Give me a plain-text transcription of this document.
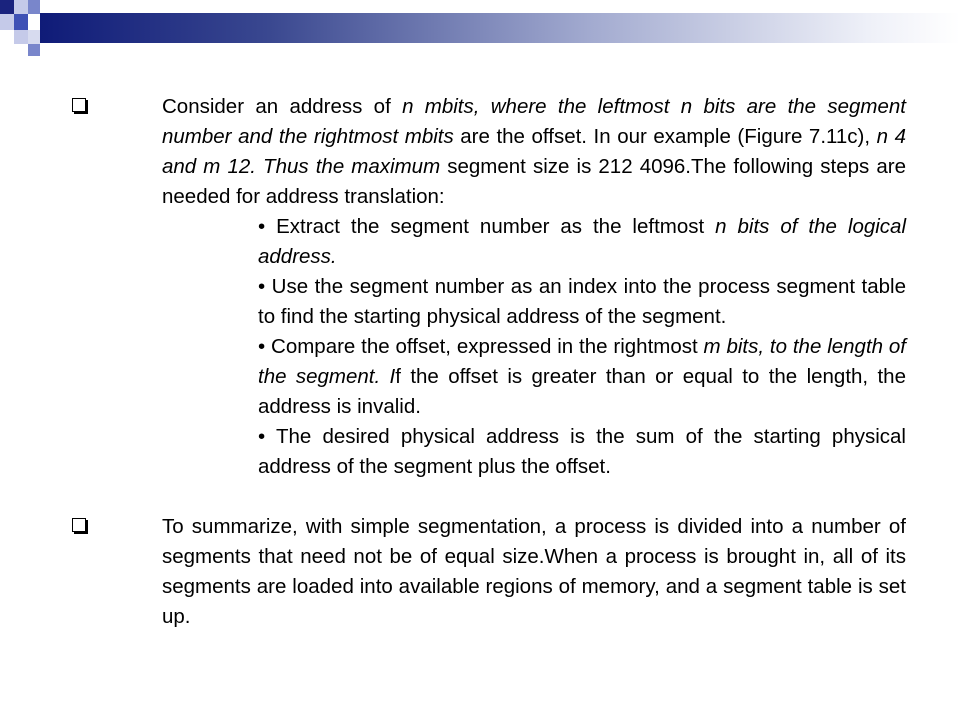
Consider an address of n mbits, where the leftmost n bits are the segment number and the rightmost mbits are the offset. In our example (Figure 7.11c), n 4 and m 12. Thus the maximum segment size is 212 4096.The following steps are needed for address translation:

• Extract the segment number as the leftmost n bits of the logical address.

• Use the segment number as an index into the process segment table to find the starting physical address of the segment.

• Compare the offset, expressed in the rightmost m bits, to the length of the segment. If the offset is greater than or equal to the length, the address is invalid.

• The desired physical address is the sum of the starting physical address of the segment plus the offset.

To summarize, with simple segmentation, a process is divided into a number of segments that need not be of equal size.When a process is brought in, all of its segments are loaded into available regions of memory, and a segment table is set up.
